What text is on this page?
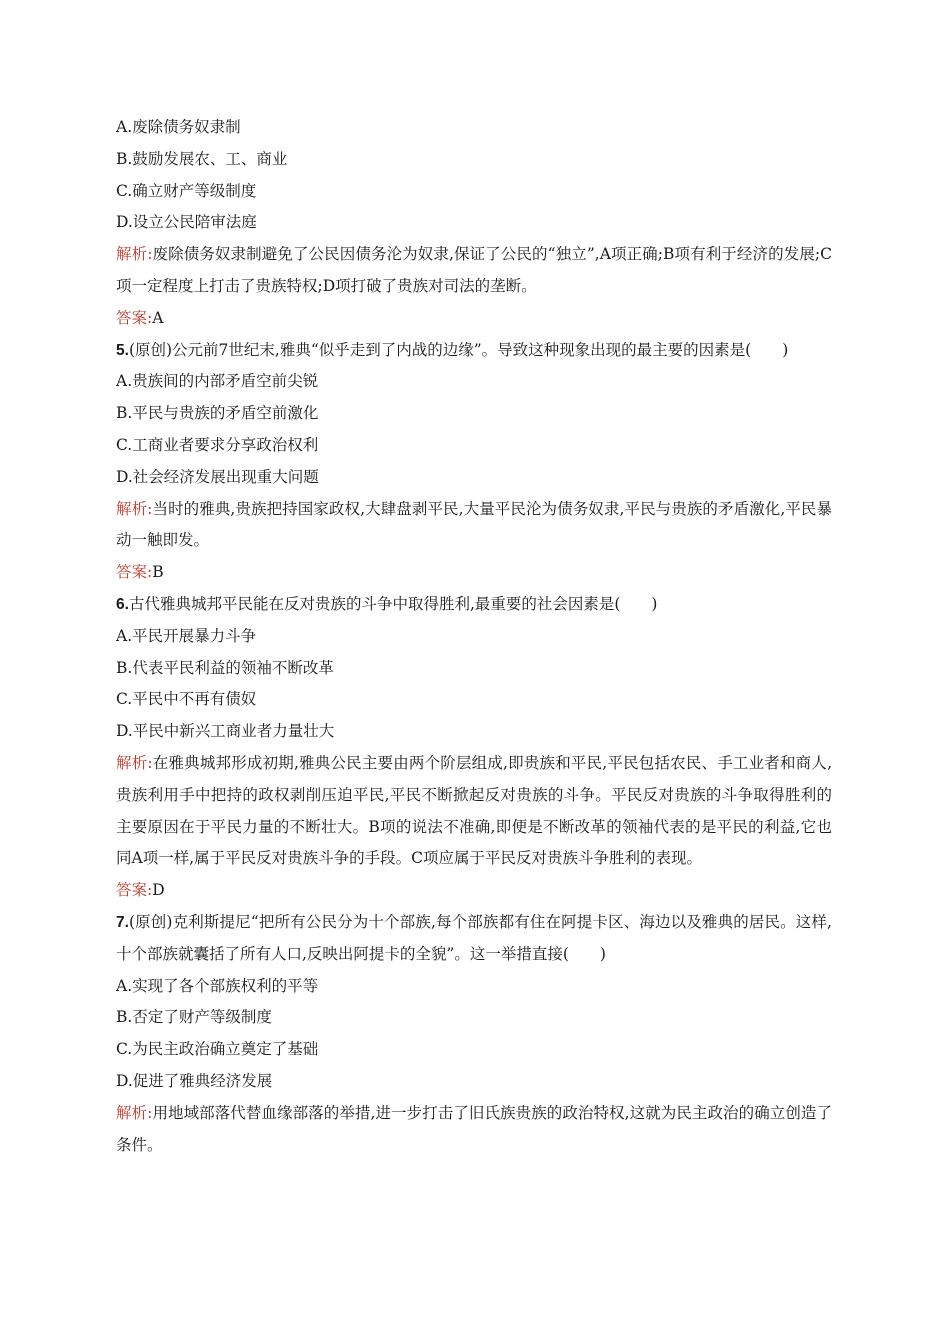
A.废除债务奴隶制
B.鼓励发展农、工、商业
C.确立财产等级制度
D.设立公民陪审法庭
解析:废除债务奴隶制避免了公民因债务沦为奴隶,保证了公民的“独立”,A项正确;B项有利于经济的发展;C项一定程度上打击了贵族特权;D项打破了贵族对司法的垄断。
答案:A
5.(原创)公元前7世纪末,雅典“似乎走到了内战的边缘”。导致这种现象出现的最主要的因素是(　　)
A.贵族间的内部矛盾空前尖锐
B.平民与贵族的矛盾空前激化
C.工商业者要求分享政治权利
D.社会经济发展出现重大问题
解析:当时的雅典,贵族把持国家政权,大肆盘剥平民,大量平民沦为债务奴隶,平民与贵族的矛盾激化,平民暴动一触即发。
答案:B
6.古代雅典城邦平民能在反对贵族的斗争中取得胜利,最重要的社会因素是(　　)
A.平民开展暴力斗争
B.代表平民利益的领袖不断改革
C.平民中不再有债奴
D.平民中新兴工商业者力量壮大
解析:在雅典城邦形成初期,雅典公民主要由两个阶层组成,即贵族和平民,平民包括农民、手工业者和商人,贵族利用手中把持的政权剥削压迫平民,平民不断掀起反对贵族的斗争。平民反对贵族的斗争取得胜利的主要原因在于平民力量的不断壮大。B项的说法不准确,即便是不断改革的领袖代表的是平民的利益,它也同A项一样,属于平民反对贵族斗争的手段。C项应属于平民反对贵族斗争胜利的表现。
答案:D
7.(原创)克利斯提尼“把所有公民分为十个部族,每个部族都有住在阿提卡区、海边以及雅典的居民。这样,十个部族就囊括了所有人口,反映出阿提卡的全貌”。这一举措直接(　　)
A.实现了各个部族权利的平等
B.否定了财产等级制度
C.为民主政治确立奠定了基础
D.促进了雅典经济发展
解析:用地域部落代替血缘部落的举措,进一步打击了旧氏族贵族的政治特权,这就为民主政治的确立创造了条件。
